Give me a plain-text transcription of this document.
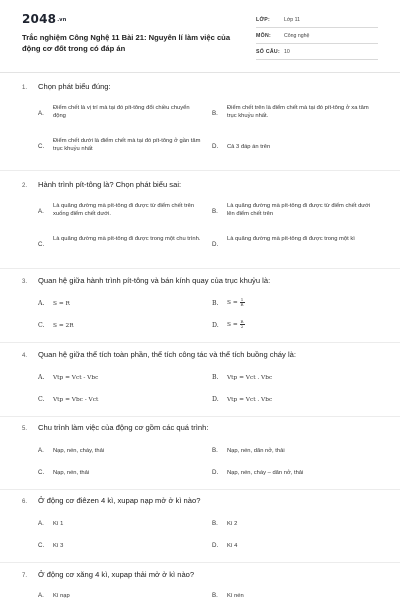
2048.vn
Trắc nghiệm Công Nghệ 11 Bài 21: Nguyên lí làm việc của động cơ đốt trong có đáp án
LỚP:	Lớp 11
MÔN: Công nghệ
SỐ CÂU: 10
1. Chọn phát biểu đúng:
A.
Điểm chết là vị trí mà tại đó pít-tông đổi chiều chuyển động	B.
Điểm chết trên là điểm chết mà tại đó pít-tông ở xa tâm trục khuỷu nhất.
C.
Điểm chết dưới là điểm chết mà tại đó pít-tông ở gần tâm trục khuỷu nhất	D. Cả 3 đáp án trên
2. Hành trình pít-tông là? Chọn phát biểu sai:
A.
Là quãng đường mà pít-tông đi được từ điểm chết trên xuống điểm chết dưới.	B.
Là quãng đường mà pít-tông đi được từ điểm chết dưới lên điểm chết trên
C.
Là quãng đường mà pít-tông đi được trong một chu trình.
D.
Là quãng đường mà pít-tông đi được trong một kì
3. Quan hệ giữa hành trình pít-tông và bán kính quay của trục khuỷu là:
A. S = R	B. $S = \frac{1}{R}$
C. S = 2R	D. $S = \frac{R}{2}$
4. Quan hệ giữa thể tích toàn phần, thể tích công tác và thể tích buồng cháy là:
A. Vtp = Vct - Vbc	B. Vtp = Vct . Vbc
C. Vtp = Vbc - Vct	D. Vtp = Vct . Vbc
5. Chu trình làm việc của động cơ gồm các quá trình:
A. Nạp, nén, cháy, thải	B. Nạp, nén, dãn nở, thải
C. Nạp, nén, thải	D. Nạp, nén, cháy – dãn nở, thải
6. Ở động cơ điêzen 4 kì, xupap nạp mở ở kì nào?
A. Kì 1	B. Kì 2
C. Kì 3	D. Kì 4
7. Ở động cơ xăng 4 kì, xupap thải mở ở kì nào?
A. Kì nạp	B. Kì nén
